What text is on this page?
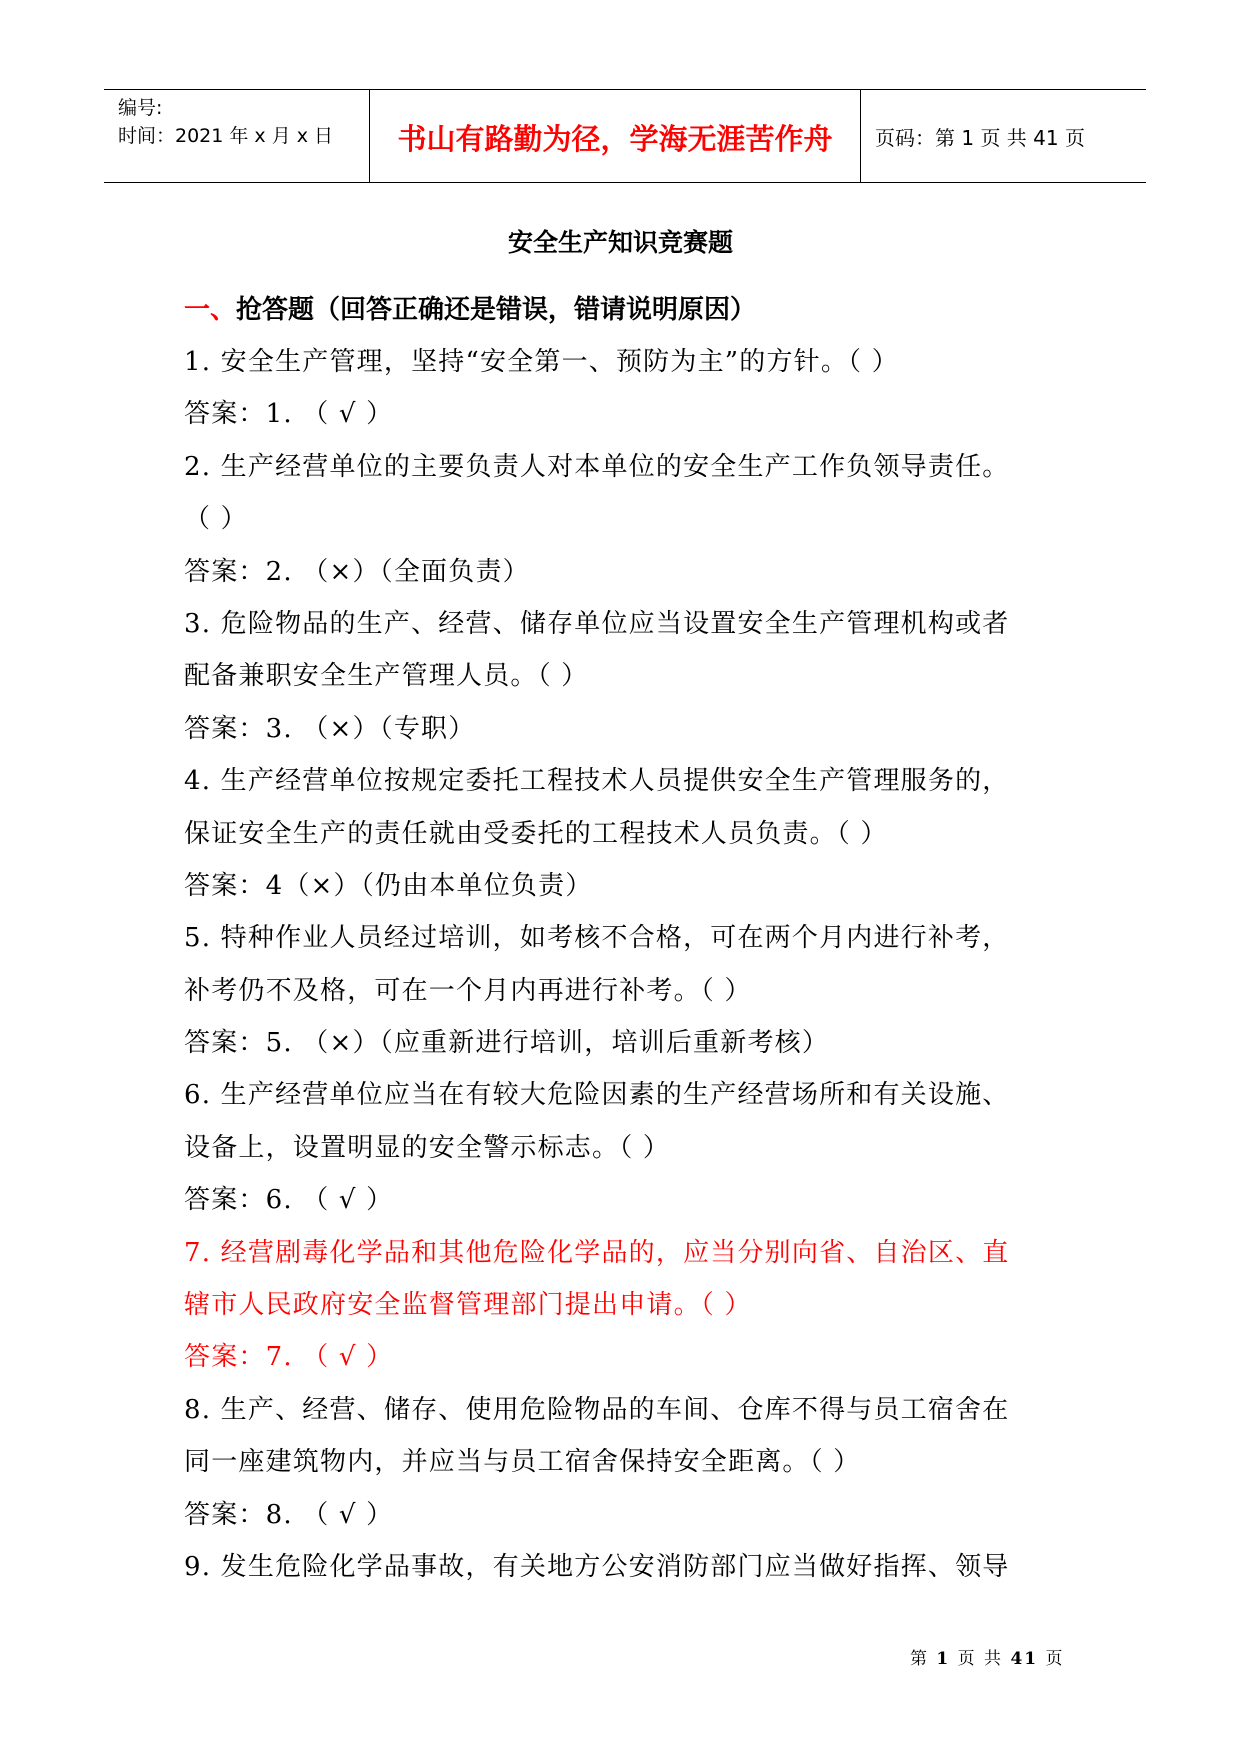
编号:
时间：2021 年 x 月 x 日	书山有路勤为径，学海无涯苦作舟	页码：第 1 页 共 41 页
安全生产知识竞赛题
一、抢答题（回答正确还是错误，错请说明原因）
1. 安全生产管理，坚持“安全第一、预防为主”的方针。（ ）
答案：1. （ √ ）
2. 生产经营单位的主要负责人对本单位的安全生产工作负领导责任。
（ ）
答案：2. （×）（全面负责）
3. 危险物品的生产、经营、储存单位应当设置安全生产管理机构或者
配备兼职安全生产管理人员。（ ）
答案：3. （×）（专职）
4. 生产经营单位按规定委托工程技术人员提供安全生产管理服务的，
保证安全生产的责任就由受委托的工程技术人员负责。（ ）
答案：4（×）（仍由本单位负责）
5. 特种作业人员经过培训，如考核不合格，可在两个月内进行补考，
补考仍不及格，可在一个月内再进行补考。（ ）
答案：5. （×）（应重新进行培训，培训后重新考核）
6. 生产经营单位应当在有较大危险因素的生产经营场所和有关设施、
设备上，设置明显的安全警示标志。（ ）
答案：6. （ √ ）
7. 经营剧毒化学品和其他危险化学品的，应当分别向省、自治区、直
辖市人民政府安全监督管理部门提出申请。（ ）
答案：7. （ √ ）
8. 生产、经营、储存、使用危险物品的车间、仓库不得与员工宿舍在
同一座建筑物内，并应当与员工宿舍保持安全距离。（ ）
答案：8. （ √ ）
9. 发生危险化学品事故，有关地方公安消防部门应当做好指挥、领导
第 1 页 共 41 页
